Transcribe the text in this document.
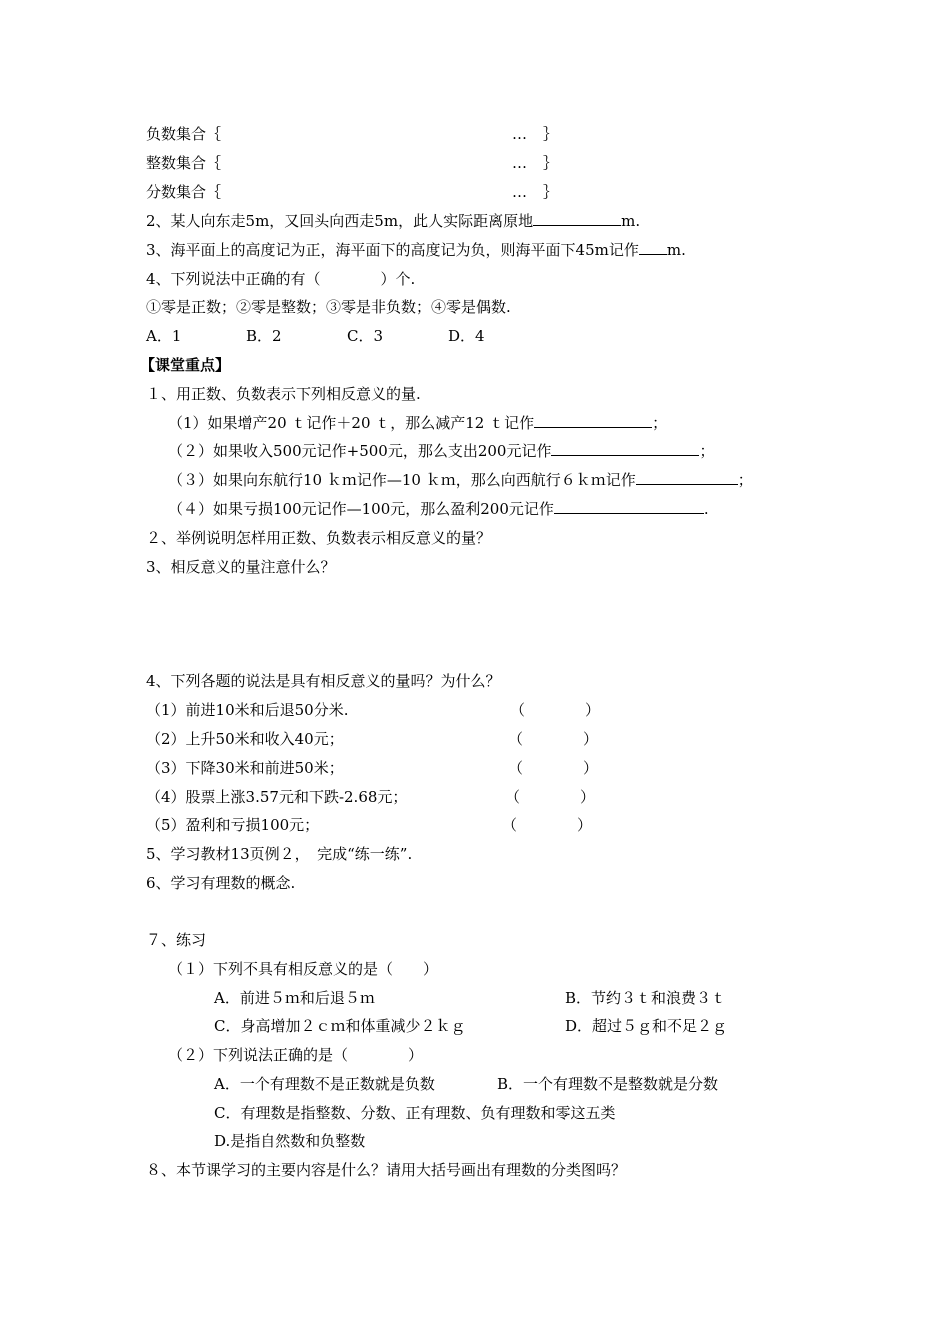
负数集合｛	… ｝
整数集合｛	… ｝
分数集合｛	… ｝
2、某人向东走5m，又回头向西走5m，此人实际距离原地	m.
3、海平面上的高度记为正，海平面下的高度记为负，则海平面下45m记作 m.
4、下列说法中正确的有（　　　　）个.
①零是正数；②零是整数；③零是非负数；④零是偶数.
A．1	B．2	C．3	D．4
【课堂重点】
１、用正数、负数表示下列相反意义的量.
（1）如果增产20 ｔ记作＋20 ｔ，那么减产12 ｔ记作	；
（２）如果收入500元记作+500元，那么支出200元记作	；
（３）如果向东航行10 ｋｍ记作—10 ｋｍ，那么向西航行６ｋｍ记作	；
（４）如果亏损100元记作—100元，那么盈利200元记作	.
２、举例说明怎样用正数、负数表示相反意义的量？
3、相反意义的量注意什么？
4、下列各题的说法是具有相反意义的量吗？为什么？
（1）前进10米和后退50分米.	（　　　　）
（2）上升50米和收入40元；	（　　　　）
（3）下降30米和前进50米；	（　　　　）
（4）股票上涨3.57元和下跌-2.68元；	（　　　　）
（5）盈利和亏损100元；	（　　　　）
5、学习教材13页例２，　完成“练一练”.
6、学习有理数的概念.
７、练习
（１）下列不具有相反意义的是（　　）
A．前进５ｍ和后退５ｍ	B．节约３ｔ和浪费３ｔ
C．身高增加２ｃｍ和体重减少２ｋｇ	D．超过５ｇ和不足２ｇ
（２）下列说法正确的是（　　　　）
A．一个有理数不是正数就是负数	B．一个有理数不是整数就是分数
C．有理数是指整数、分数、正有理数、负有理数和零这五类
D.是指自然数和负整数
８、本节课学习的主要内容是什么？请用大括号画出有理数的分类图吗？
